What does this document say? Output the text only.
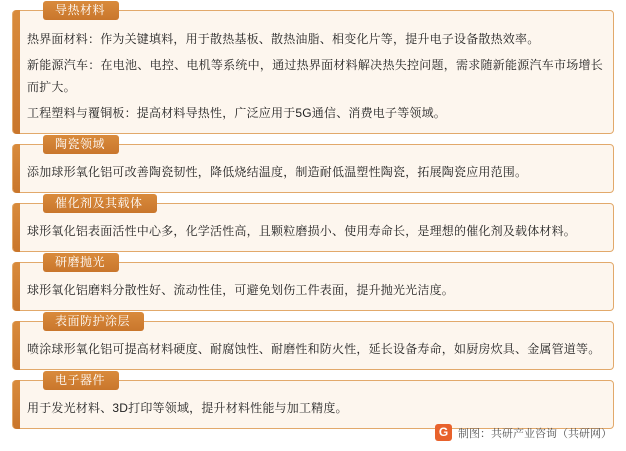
导热材料

热界面材料：作为关键填料，用于散热基板、散热油脂、相变化片等，提升电子设备散热效率。

新能源汽车：在电池、电控、电机等系统中，通过热界面材料解决热失控问题，需求随新能源汽车市场增长而扩大。

工程塑料与覆铜板：提高材料导热性，广泛应用于5G通信、消费电子等领域。

陶瓷领域

添加球形氧化铝可改善陶瓷韧性，降低烧结温度，制造耐低温塑性陶瓷，拓展陶瓷应用范围。

催化剂及其载体

球形氧化铝表面活性中心多，化学活性高，且颗粒磨损小、使用寿命长，是理想的催化剂及载体材料。

研磨抛光

球形氧化铝磨料分散性好、流动性佳，可避免划伤工件表面，提升抛光光洁度。

表面防护涂层

喷涂球形氧化铝可提高材料硬度、耐腐蚀性、耐磨性和防火性，延长设备寿命，如厨房炊具、金属管道等。

电子器件

用于发光材料、3D打印等领域，提升材料性能与加工精度。

G 制图：共研产业咨询（共研网）
